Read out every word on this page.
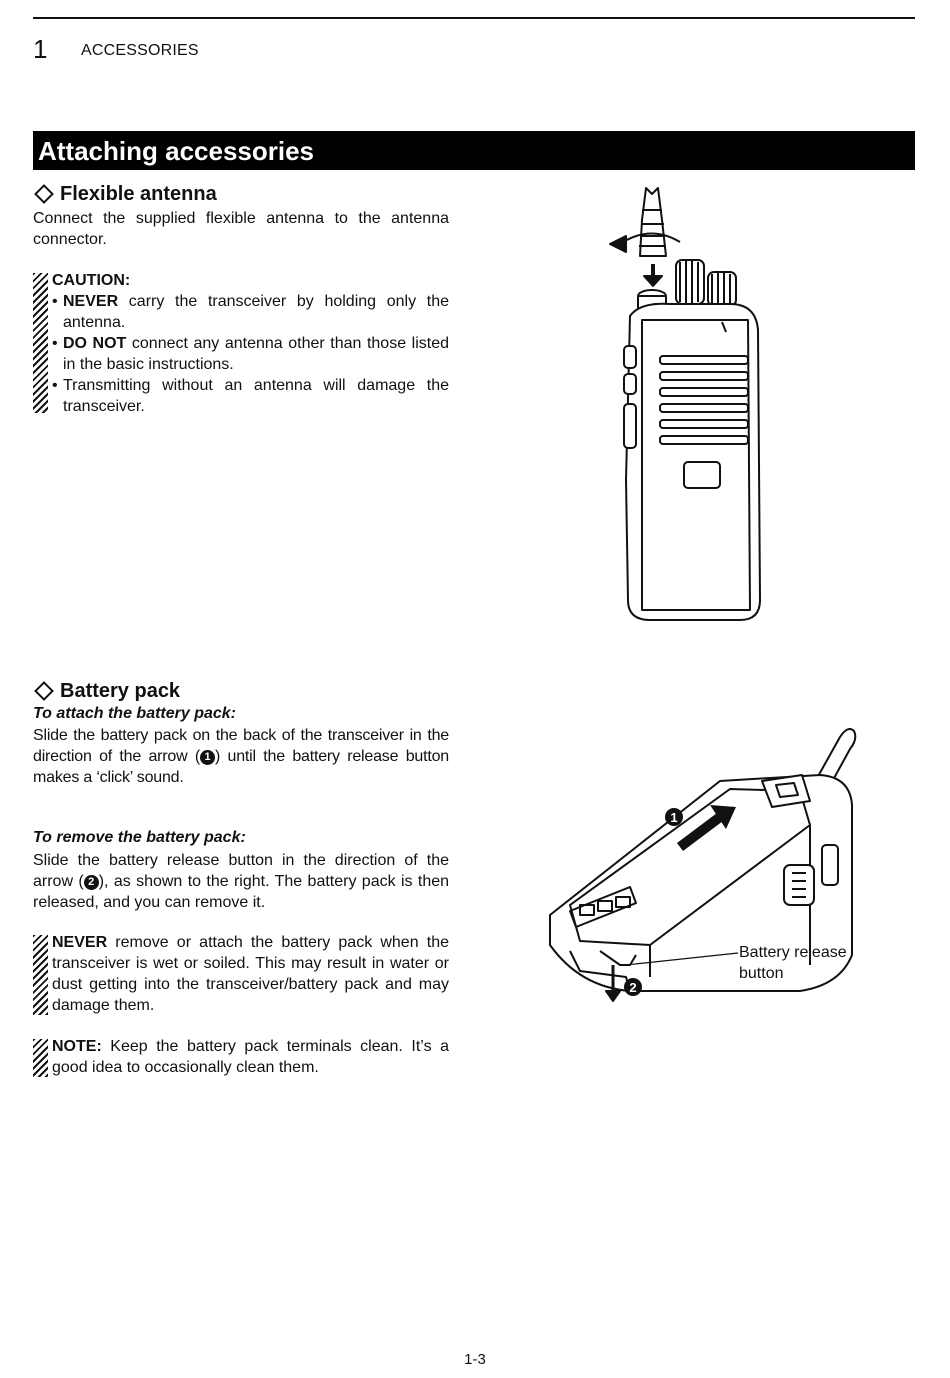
1 ACCESSORIES
Attaching accessories
Flexible antenna
Connect the supplied flexible antenna to the antenna connector.
CAUTION:
• NEVER carry the transceiver by holding only the antenna.
• DO NOT connect any antenna other than those listed in the basic instructions.
• Transmitting without an antenna will damage the transceiver.
Battery pack
To attach the battery pack:
Slide the battery pack on the back of the transceiver in the direction of the arrow ( 1 ) until the battery release button makes a ‘click’ sound.
To remove the battery pack:
Slide the battery release button in the direction of the arrow ( 2 ), as shown to the right. The battery pack is then released, and you can remove it.
NEVER remove or attach the battery pack when the transceiver is wet or soiled. This may result in water or dust getting into the transceiver/battery pack and may damage them.
NOTE: Keep the battery pack terminals clean. It’s a good idea to occasionally clean them.
1
2
Battery release
button
1-3
